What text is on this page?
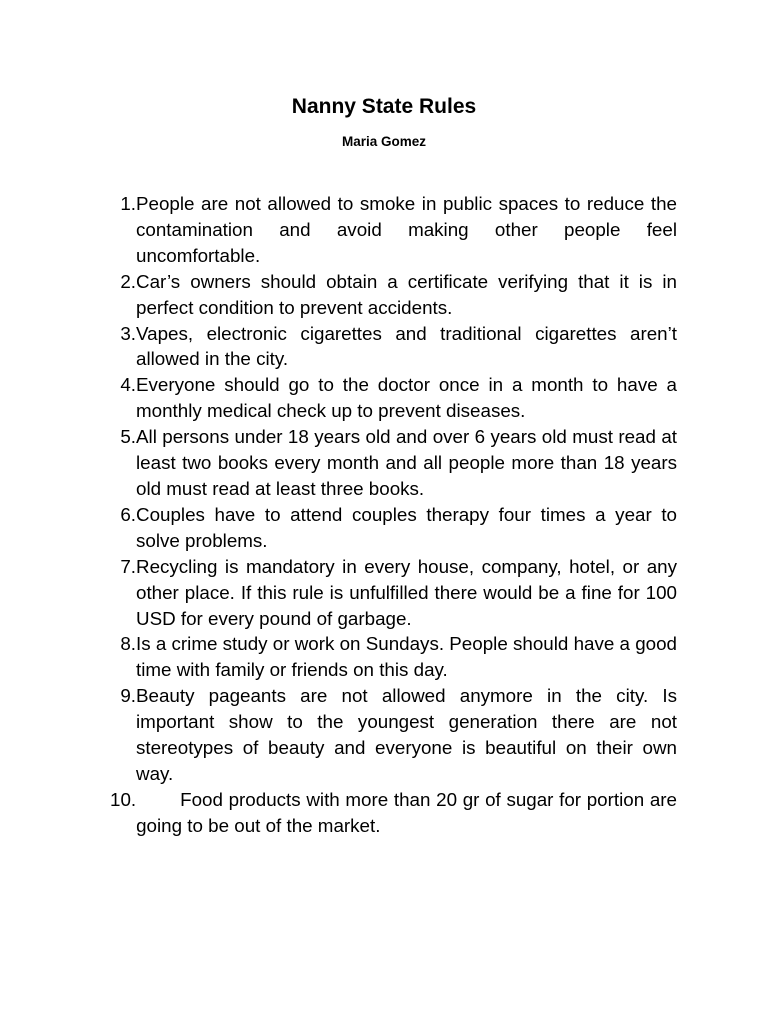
Nanny State Rules
Maria Gomez
1. People are not allowed to smoke in public spaces to reduce the contamination and avoid making other people feel uncomfortable.
2. Car’s owners should obtain a certificate verifying that it is in perfect condition to prevent accidents.
3. Vapes, electronic cigarettes and traditional cigarettes aren’t allowed in the city.
4. Everyone should go to the doctor once in a month to have a monthly medical check up to prevent diseases.
5. All persons under 18 years old and over 6 years old must read at least two books every month and all people more than 18 years old must read at least three books.
6. Couples have to attend couples therapy four times a year to solve problems.
7. Recycling is mandatory in every house, company, hotel, or any other place. If this rule is unfulfilled there would be a fine for 100 USD for every pound of garbage.
8. Is a crime study or work on Sundays. People should have a good time with family or friends on this day.
9. Beauty pageants are not allowed anymore in the city. Is important show to the youngest generation there are not stereotypes of beauty and everyone is beautiful on their own way.
10.	Food products with more than 20 gr of sugar for portion are going to be out of the market.
